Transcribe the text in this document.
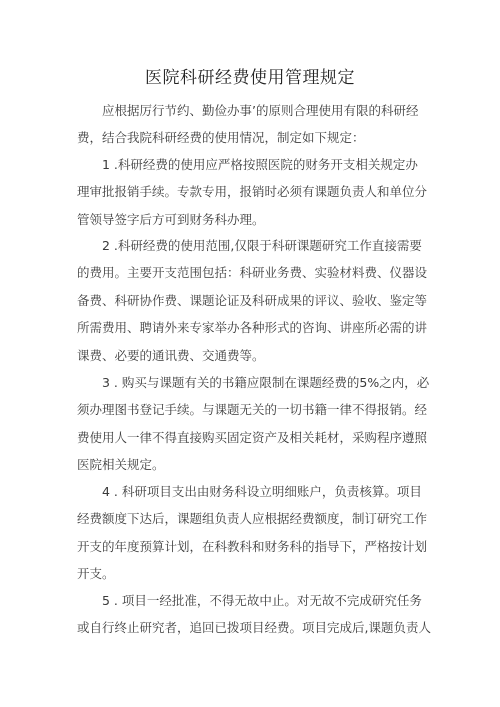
医院科研经费使用管理规定

应根据厉行节约、勤俭办事’的原则合理使用有限的科研经
费，结合我院科研经费的使用情况，制定如下规定：

1 .科研经费的使用应严格按照医院的财务开支相关规定办
理审批报销手续。专款专用，报销时必须有课题负责人和单位分
管领导签字后方可到财务科办理。

2 .科研经费的使用范围,仅限于科研课题研究工作直接需要
的费用。主要开支范围包括：科研业务费、实验材料费、仪器设
备费、科研协作费、课题论证及科研成果的评议、验收、鉴定等
所需费用、聘请外来专家举办各种形式的咨询、讲座所必需的讲
课费、必要的通讯费、交通费等。

3 . 购买与课题有关的书籍应限制在课题经费的5%之内，必
须办理图书登记手续。与课题无关的一切书籍一律不得报销。经
费使用人一律不得直接购买固定资产及相关耗材，采购程序遵照
医院相关规定。

4 . 科研项目支出由财务科设立明细账户，负责核算。项目
经费额度下达后，课题组负责人应根据经费额度，制订研究工作
开支的年度预算计划，在科教科和财务科的指导下，严格按计划
开支。

5 . 项目一经批准，不得无故中止。对无故不完成研究任务
或自行终止研究者，追回已拨项目经费。项目完成后,课题负责人
